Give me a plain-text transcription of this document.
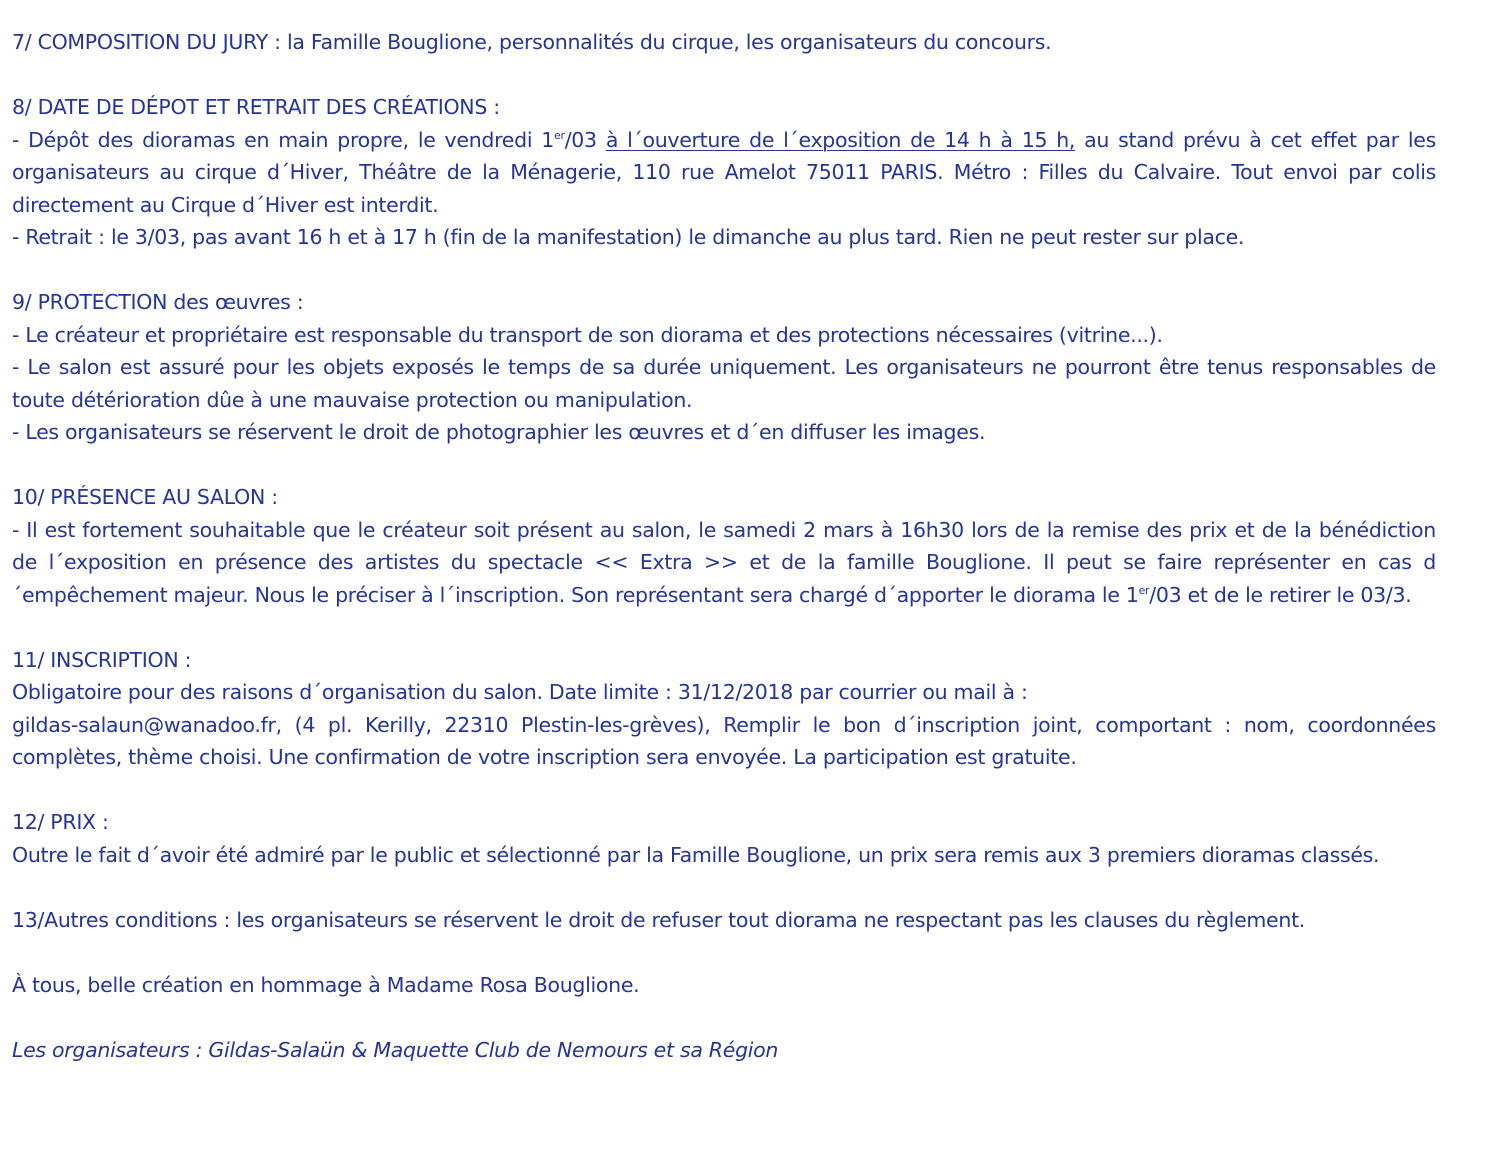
7/ COMPOSITION DU JURY : la Famille Bouglione, personnalités du cirque, les organisateurs du concours.

8/ DATE DE DÉPOT ET RETRAIT DES CRÉATIONS :

- Dépôt des dioramas en main propre, le vendredi 1er/03 à l´ouverture de l´exposition de 14 h à 15 h, au stand prévu à cet effet par les organisateurs au cirque d´Hiver, Théâtre de la Ménagerie, 110 rue Amelot 75011 PARIS. Métro : Filles du Calvaire. Tout envoi par colis directement au Cirque d´Hiver est interdit.

- Retrait : le 3/03, pas avant 16 h et à 17 h (fin de la manifestation) le dimanche au plus tard. Rien ne peut rester sur place.

9/ PROTECTION des œuvres :

- Le créateur et propriétaire est responsable du transport de son diorama et des protections nécessaires (vitrine...).

- Le salon est assuré pour les objets exposés le temps de sa durée uniquement. Les organisateurs ne pourront être tenus responsables de toute détérioration dûe à une mauvaise protection ou manipulation.

- Les organisateurs se réservent le droit de photographier les œuvres et d´en diffuser les images.

10/ PRÉSENCE AU SALON :

- Il est fortement souhaitable que le créateur soit présent au salon, le samedi 2 mars à 16h30 lors de la remise des prix et de la bénédiction de l´exposition en présence des artistes du spectacle << Extra >> et de la famille Bouglione. Il peut se faire représenter en cas d´empêchement majeur. Nous le préciser à l´inscription. Son représentant sera chargé d´apporter le diorama le 1er/03 et de le retirer le 03/3.

11/ INSCRIPTION :

Obligatoire pour des raisons d´organisation du salon. Date limite : 31/12/2018 par courrier ou mail à :

gildas-salaun@wanadoo.fr, (4 pl. Kerilly, 22310 Plestin-les-grèves), Remplir le bon d´inscription joint, comportant : nom, coordonnées complètes, thème choisi. Une confirmation de votre inscription sera envoyée. La participation est gratuite.

12/ PRIX :

Outre le fait d´avoir été admiré par le public et sélectionné par la Famille Bouglione, un prix sera remis aux 3 premiers dioramas classés.

13/Autres conditions : les organisateurs se réservent le droit de refuser tout diorama ne respectant pas les clauses du règlement.

À tous, belle création en hommage à Madame Rosa Bouglione.

Les organisateurs : Gildas-Salaün & Maquette Club de Nemours et sa Région
